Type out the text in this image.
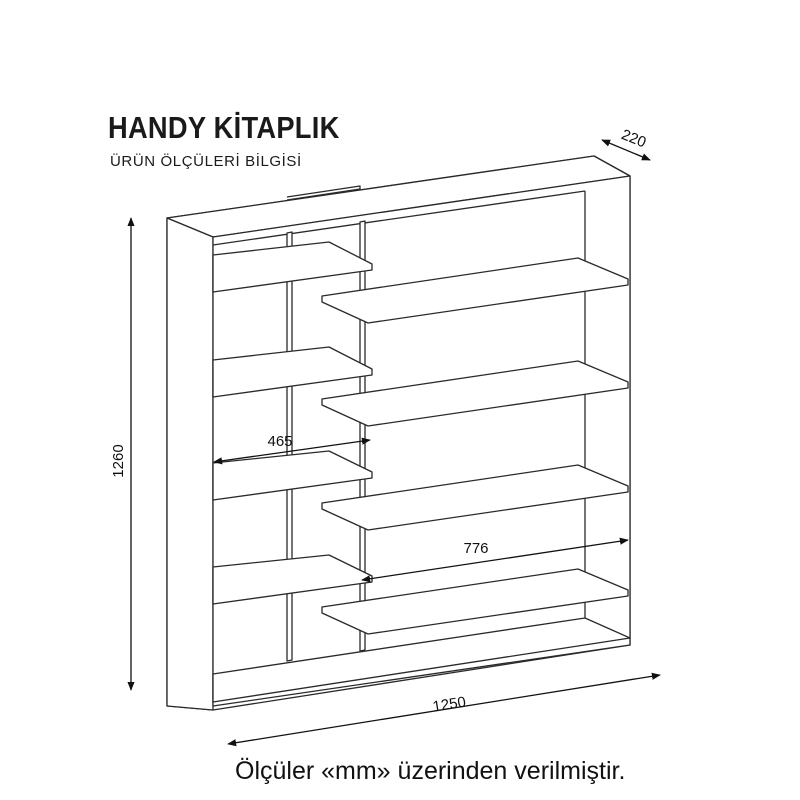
HANDY KİTAPLIK
ÜRÜN ÖLÇÜLERİ BİLGİSİ
220
1260
1250
465
776
Ölçüler «mm» üzerinden verilmiştir.
